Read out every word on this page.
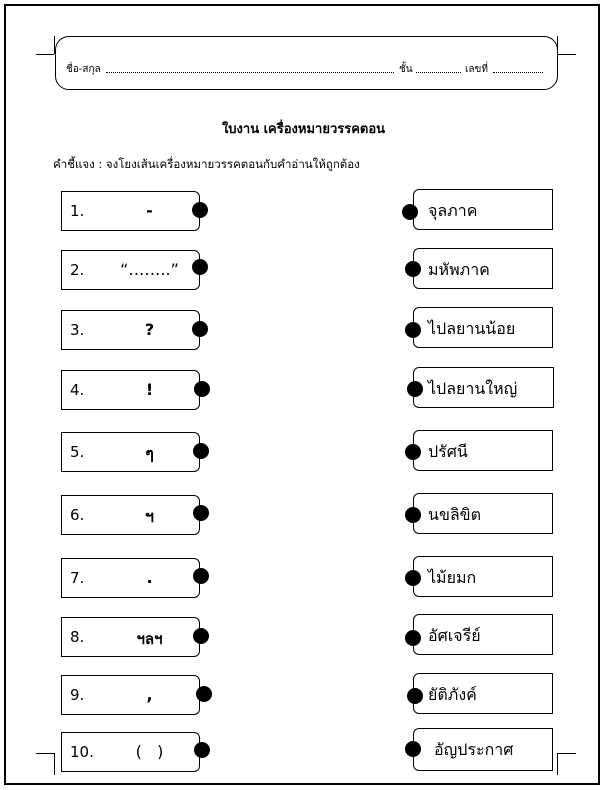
ชื่อ-สกุล	ชั้น	เลขที่
ใบงาน เครื่องหมายวรรคตอน
คำชี้แจง : จงโยงเส้นเครื่องหมายวรรคตอนกับคำอ่านให้ถูกต้อง
1.	-
2.	“……..”
3.	?
4.	!
5.	ๆ
6.	ฯ
7.	.
8.	ฯลฯ
9.	,
10.	(   )
จุลภาค
มหัพภาค
ไปลยานน้อย
ไปลยานใหญ่
ปรัศนี
นขลิขิต
ไม้ยมก
อัศเจรีย์
ยัติภังค์
อัญประกาศ
